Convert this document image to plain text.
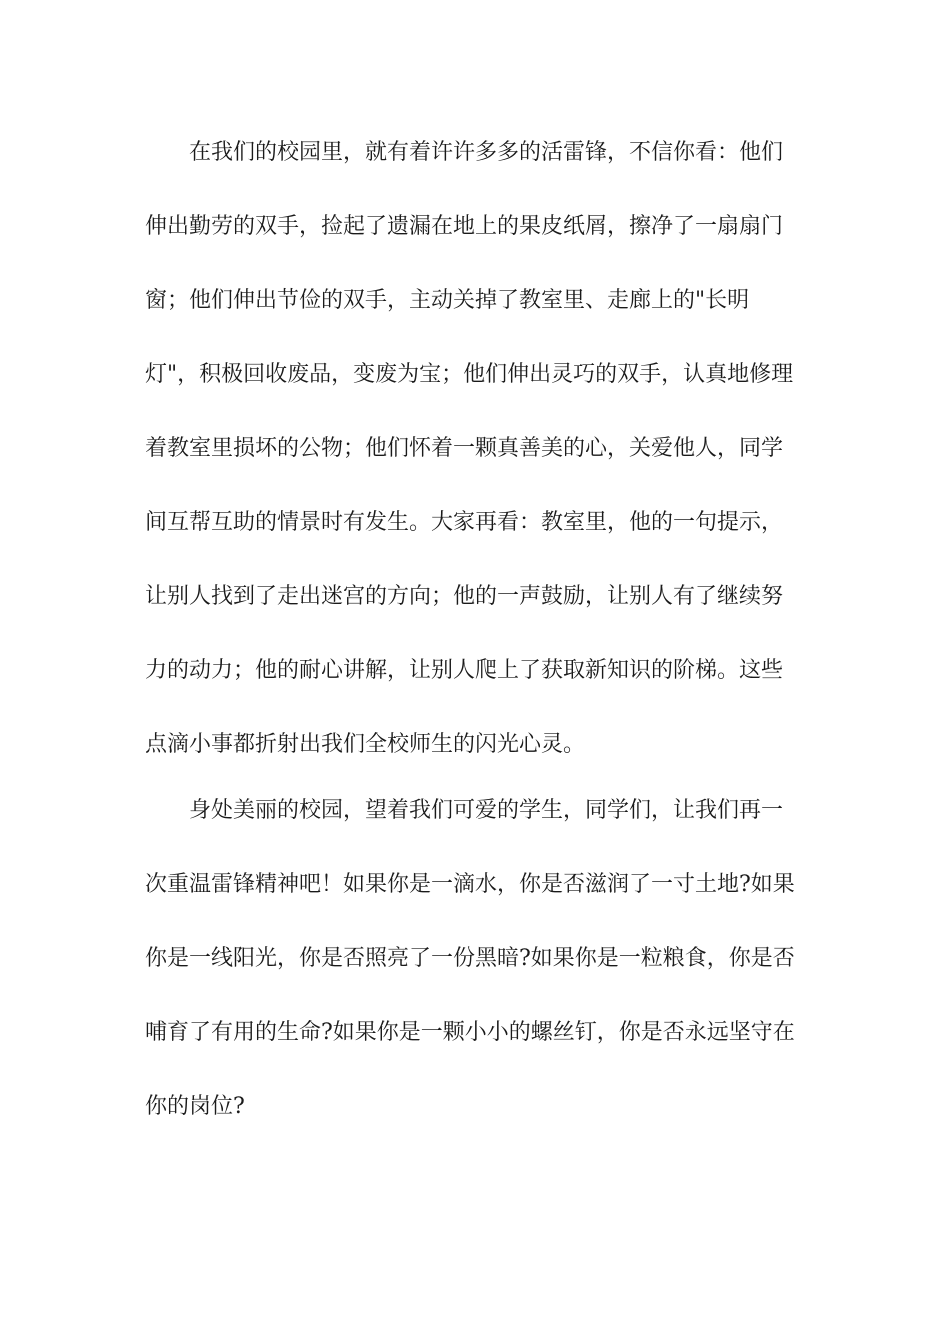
在我们的校园里，就有着许许多多的活雷锋，不信你看：他们
伸出勤劳的双手，捡起了遗漏在地上的果皮纸屑，擦净了一扇扇门
窗；他们伸出节俭的双手，主动关掉了教室里、走廊上的"长明
灯"，积极回收废品，变废为宝；他们伸出灵巧的双手，认真地修理
着教室里损坏的公物；他们怀着一颗真善美的心，关爱他人，同学
间互帮互助的情景时有发生。大家再看：教室里，他的一句提示，
让别人找到了走出迷宫的方向；他的一声鼓励，让别人有了继续努
力的动力；他的耐心讲解，让别人爬上了获取新知识的阶梯。这些
点滴小事都折射出我们全校师生的闪光心灵。
身处美丽的校园，望着我们可爱的学生，同学们，让我们再一
次重温雷锋精神吧！如果你是一滴水，你是否滋润了一寸土地?如果
你是一线阳光，你是否照亮了一份黑暗?如果你是一粒粮食，你是否
哺育了有用的生命?如果你是一颗小小的螺丝钉，你是否永远坚守在
你的岗位?
